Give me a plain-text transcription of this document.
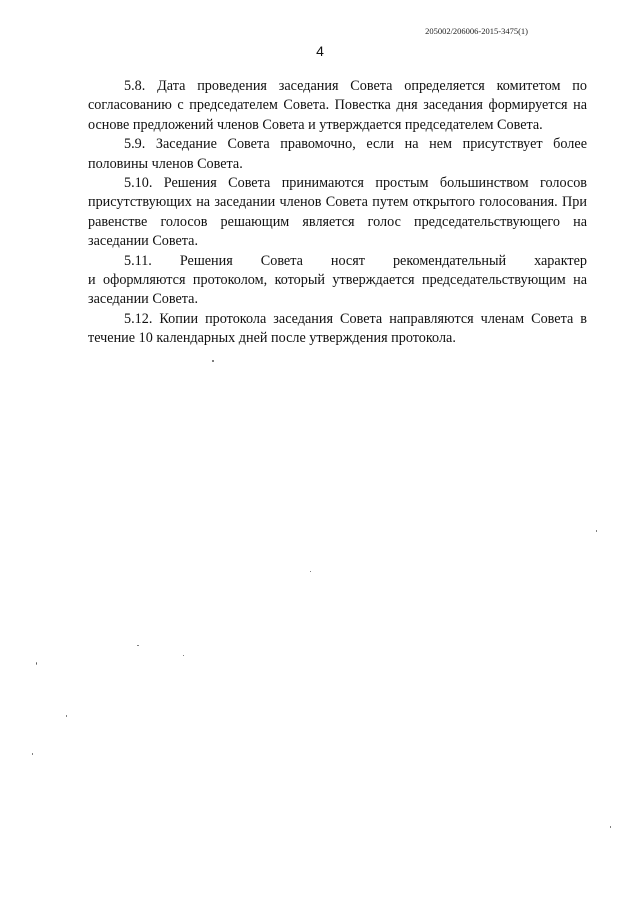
205002/206006-2015-3475(1)
4

5.8. Дата проведения заседания Совета определяется комитетом по согласованию с председателем Совета. Повестка дня заседания формируется на основе предложений членов Совета и утверждается председателем Совета.

5.9. Заседание Совета правомочно, если на нем присутствует более половины членов Совета.

5.10. Решения Совета принимаются простым большинством голосов присутствующих на заседании членов Совета путем открытого голосования. При равенстве голосов решающим является голос председательствующего на заседании Совета.

5.11. Решения Совета носят рекомендательный характер
и оформляются протоколом, который утверждается председательствующим на заседании Совета.

5.12. Копии протокола заседания Совета направляются членам Совета в течение 10 календарных дней после утверждения протокола.
